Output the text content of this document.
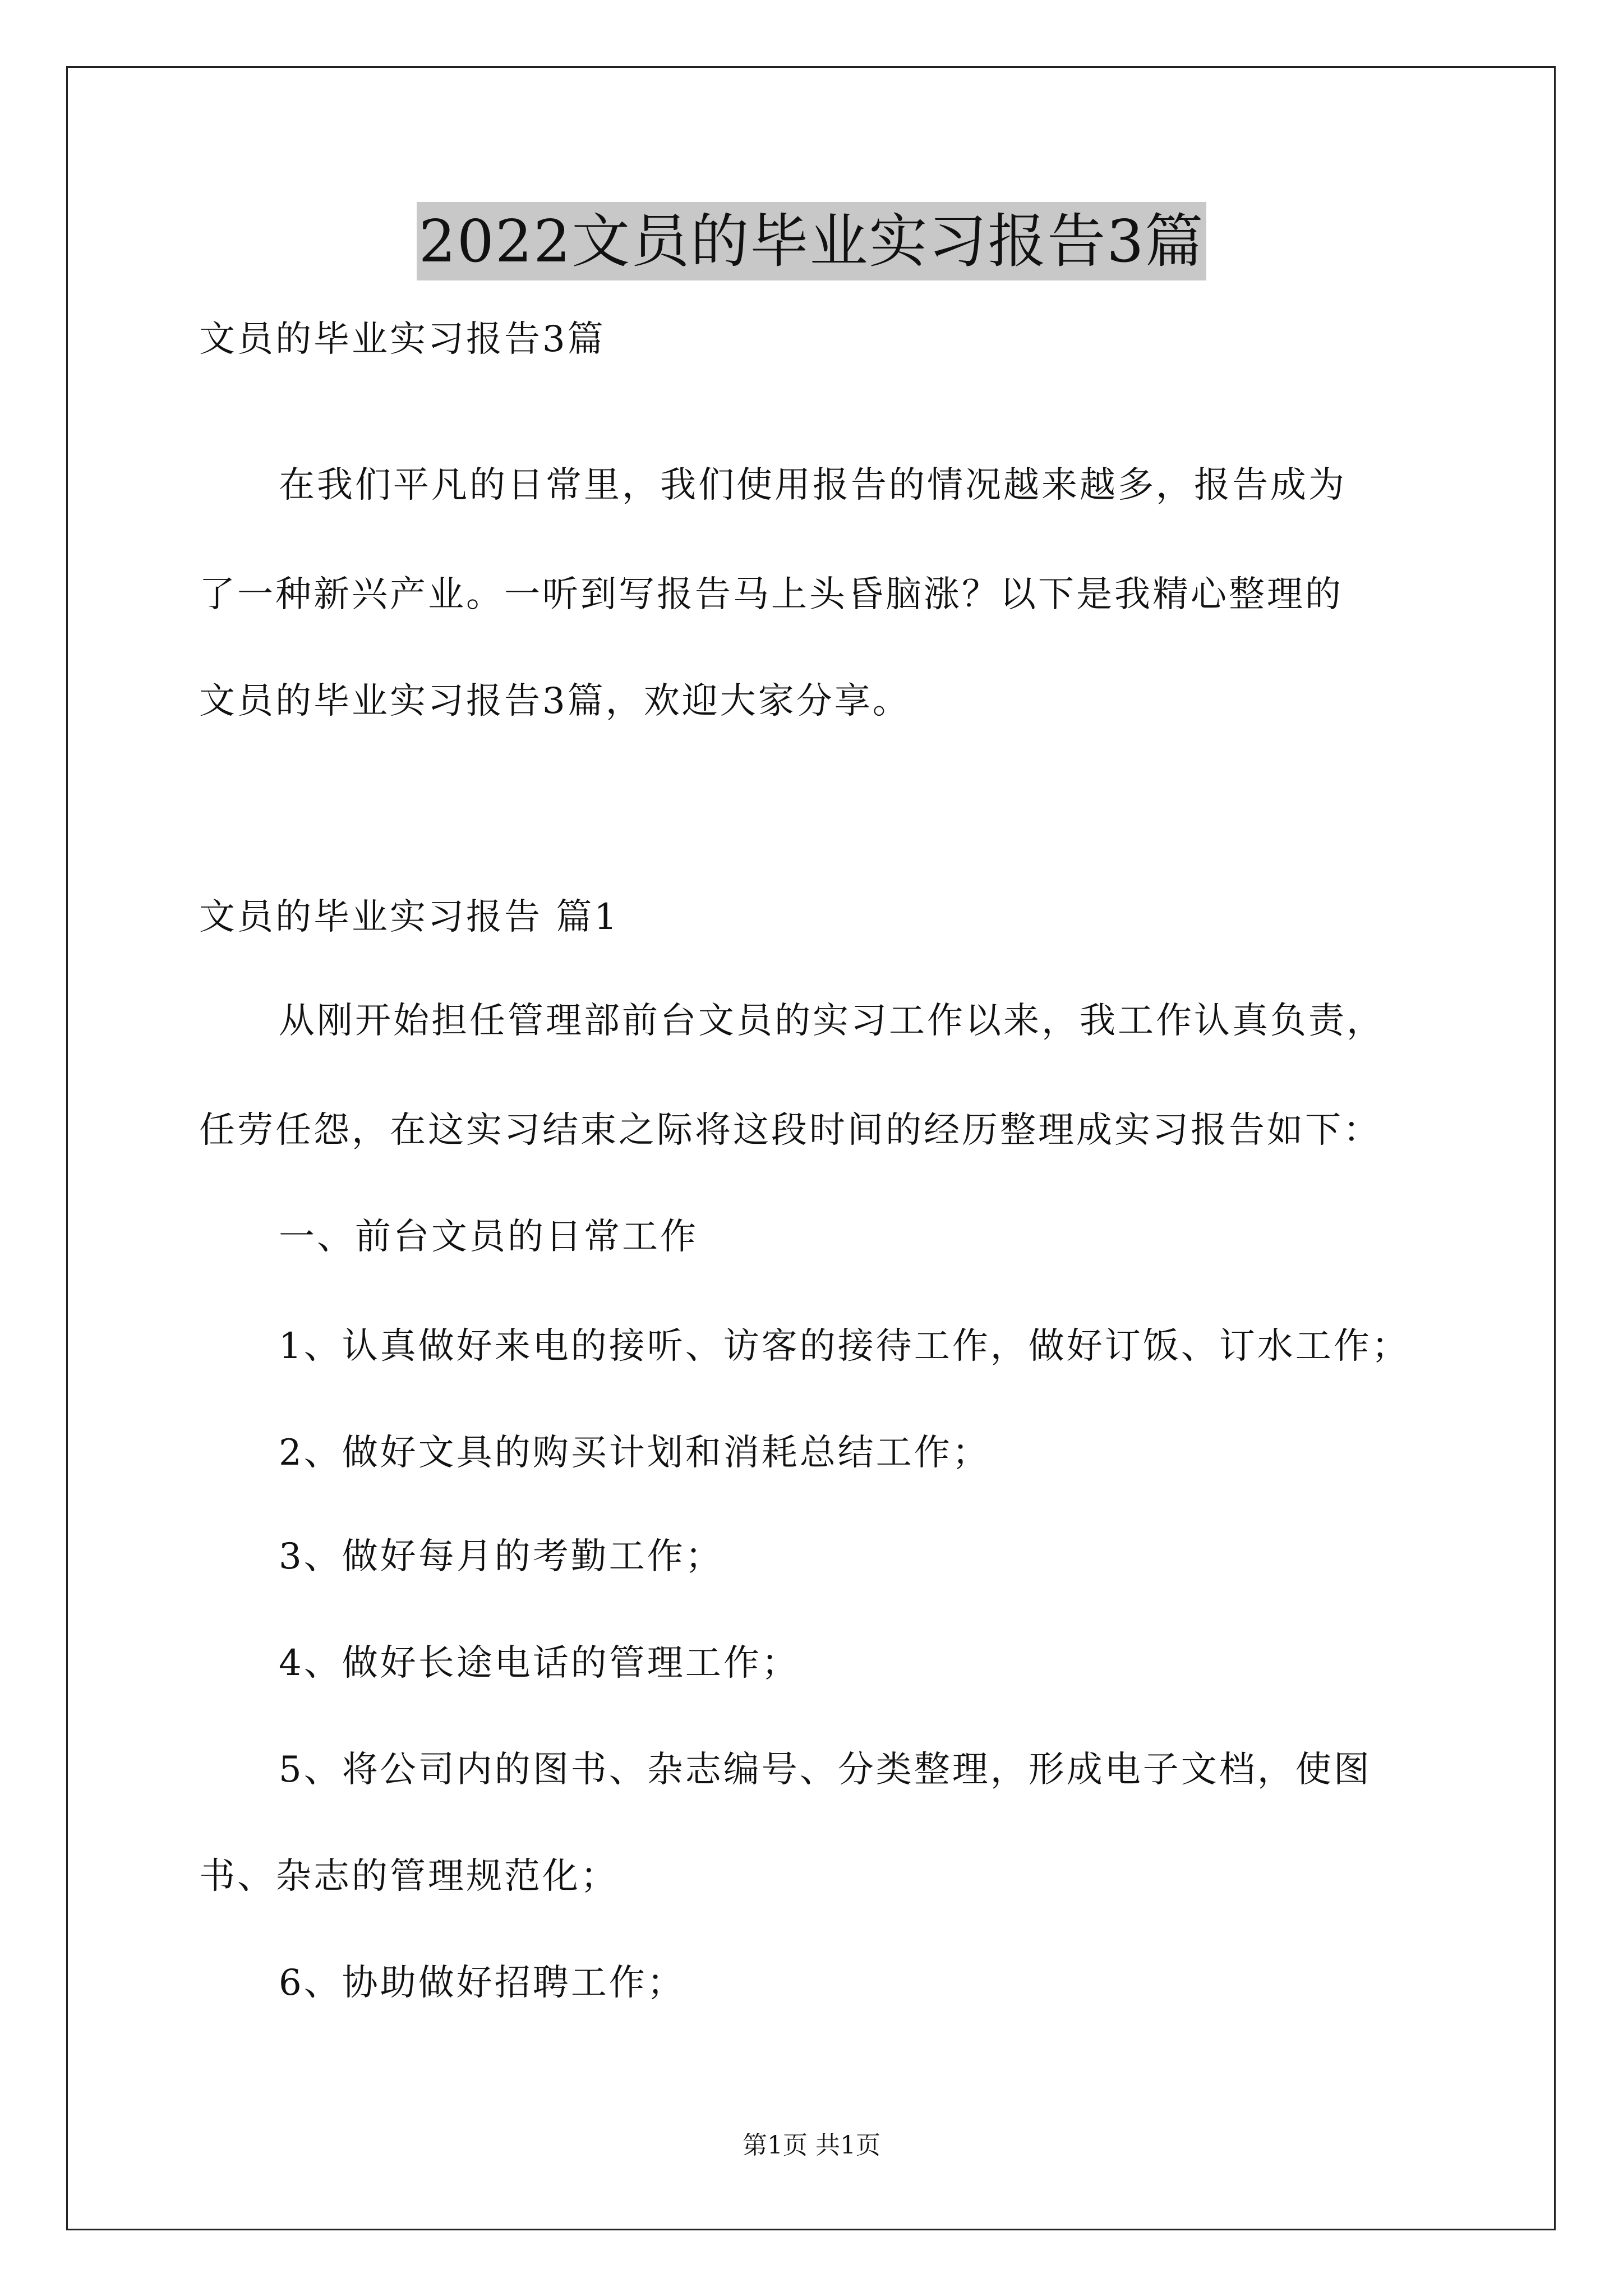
2022文员的毕业实习报告3篇
文员的毕业实习报告3篇
在我们平凡的日常里，我们使用报告的情况越来越多，报告成为
了一种新兴产业。一听到写报告马上头昏脑涨？以下是我精心整理的
文员的毕业实习报告3篇，欢迎大家分享。
文员的毕业实习报告 篇1
从刚开始担任管理部前台文员的实习工作以来，我工作认真负责，
任劳任怨，在这实习结束之际将这段时间的经历整理成实习报告如下：
一、前台文员的日常工作
1、认真做好来电的接听、访客的接待工作，做好订饭、订水工作；
2、做好文具的购买计划和消耗总结工作；
3、做好每月的考勤工作；
4、做好长途电话的管理工作；
5、将公司内的图书、杂志编号、分类整理，形成电子文档，使图
书、杂志的管理规范化；
6、协助做好招聘工作；
第1页 共1页
